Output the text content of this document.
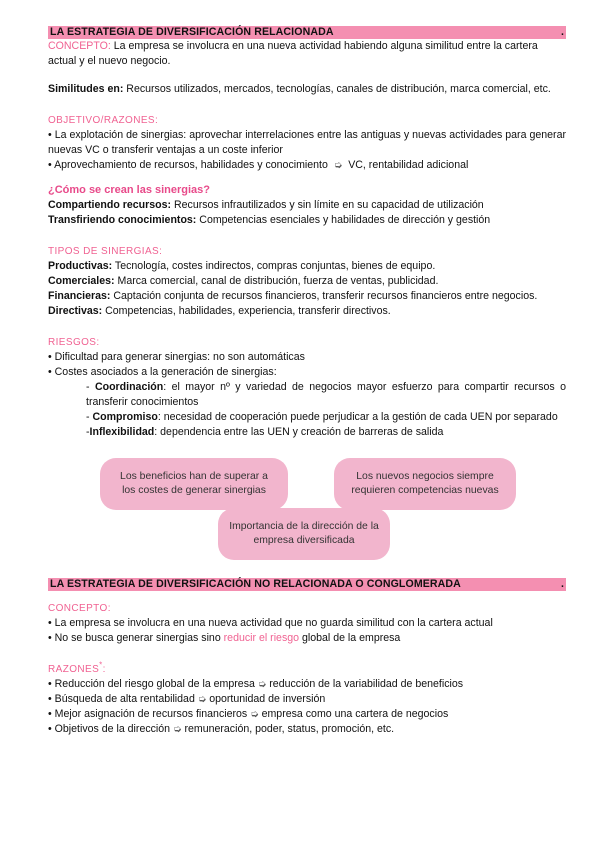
LA ESTRATEGIA DE DIVERSIFICACIÓN RELACIONADA	.

CONCEPTO: La empresa se involucra en una nueva actividad habiendo alguna similitud entre la cartera actual y el nuevo negocio.

Similitudes en: Recursos utilizados, mercados, tecnologías, canales de distribución, marca comercial, etc.

OBJETIVO/RAZONES:

• La explotación de sinergias: aprovechar interrelaciones entre las antiguas y nuevas actividades para generar nuevas VC o transferir ventajas a un coste inferior

• Aprovechamiento de recursos, habilidades y conocimiento ➭ VC, rentabilidad adicional

¿Cómo se crean las sinergias?

Compartiendo recursos: Recursos infrautilizados y sin límite en su capacidad de utilización

Transfiriendo conocimientos: Competencias esenciales y habilidades de dirección y gestión

TIPOS DE SINERGIAS:

Productivas: Tecnología, costes indirectos, compras conjuntas, bienes de equipo.

Comerciales: Marca comercial, canal de distribución, fuerza de ventas, publicidad.

Financieras: Captación conjunta de recursos financieros, transferir recursos financieros entre negocios.

Directivas: Competencias, habilidades, experiencia, transferir directivos.

RIESGOS:

• Dificultad para generar sinergias: no son automáticas

• Costes asociados a la generación de sinergias:

- Coordinación: el mayor nº y variedad de negocios mayor esfuerzo para compartir recursos o transferir conocimientos

- Compromiso: necesidad de cooperación puede perjudicar a la gestión de cada UEN por separado

-Inflexibilidad: dependencia entre las UEN y creación de barreras de salida

Los beneficios han de superar a los costes de generar sinergias
Los nuevos negocios siempre requieren competencias nuevas
Importancia de la dirección de la empresa diversificada
LA ESTRATEGIA DE DIVERSIFICACIÓN NO RELACIONADA O CONGLOMERADA	.

CONCEPTO:

• La empresa se involucra en una nueva actividad que no guarda similitud con la cartera actual

• No se busca generar sinergias sino reducir el riesgo global de la empresa

RAZONES*:

• Reducción del riesgo global de la empresa ➭ reducción de la variabilidad de beneficios

• Búsqueda de alta rentabilidad ➭ oportunidad de inversión

• Mejor asignación de recursos financieros ➭ empresa como una cartera de negocios

• Objetivos de la dirección ➭ remuneración, poder, status, promoción, etc.
